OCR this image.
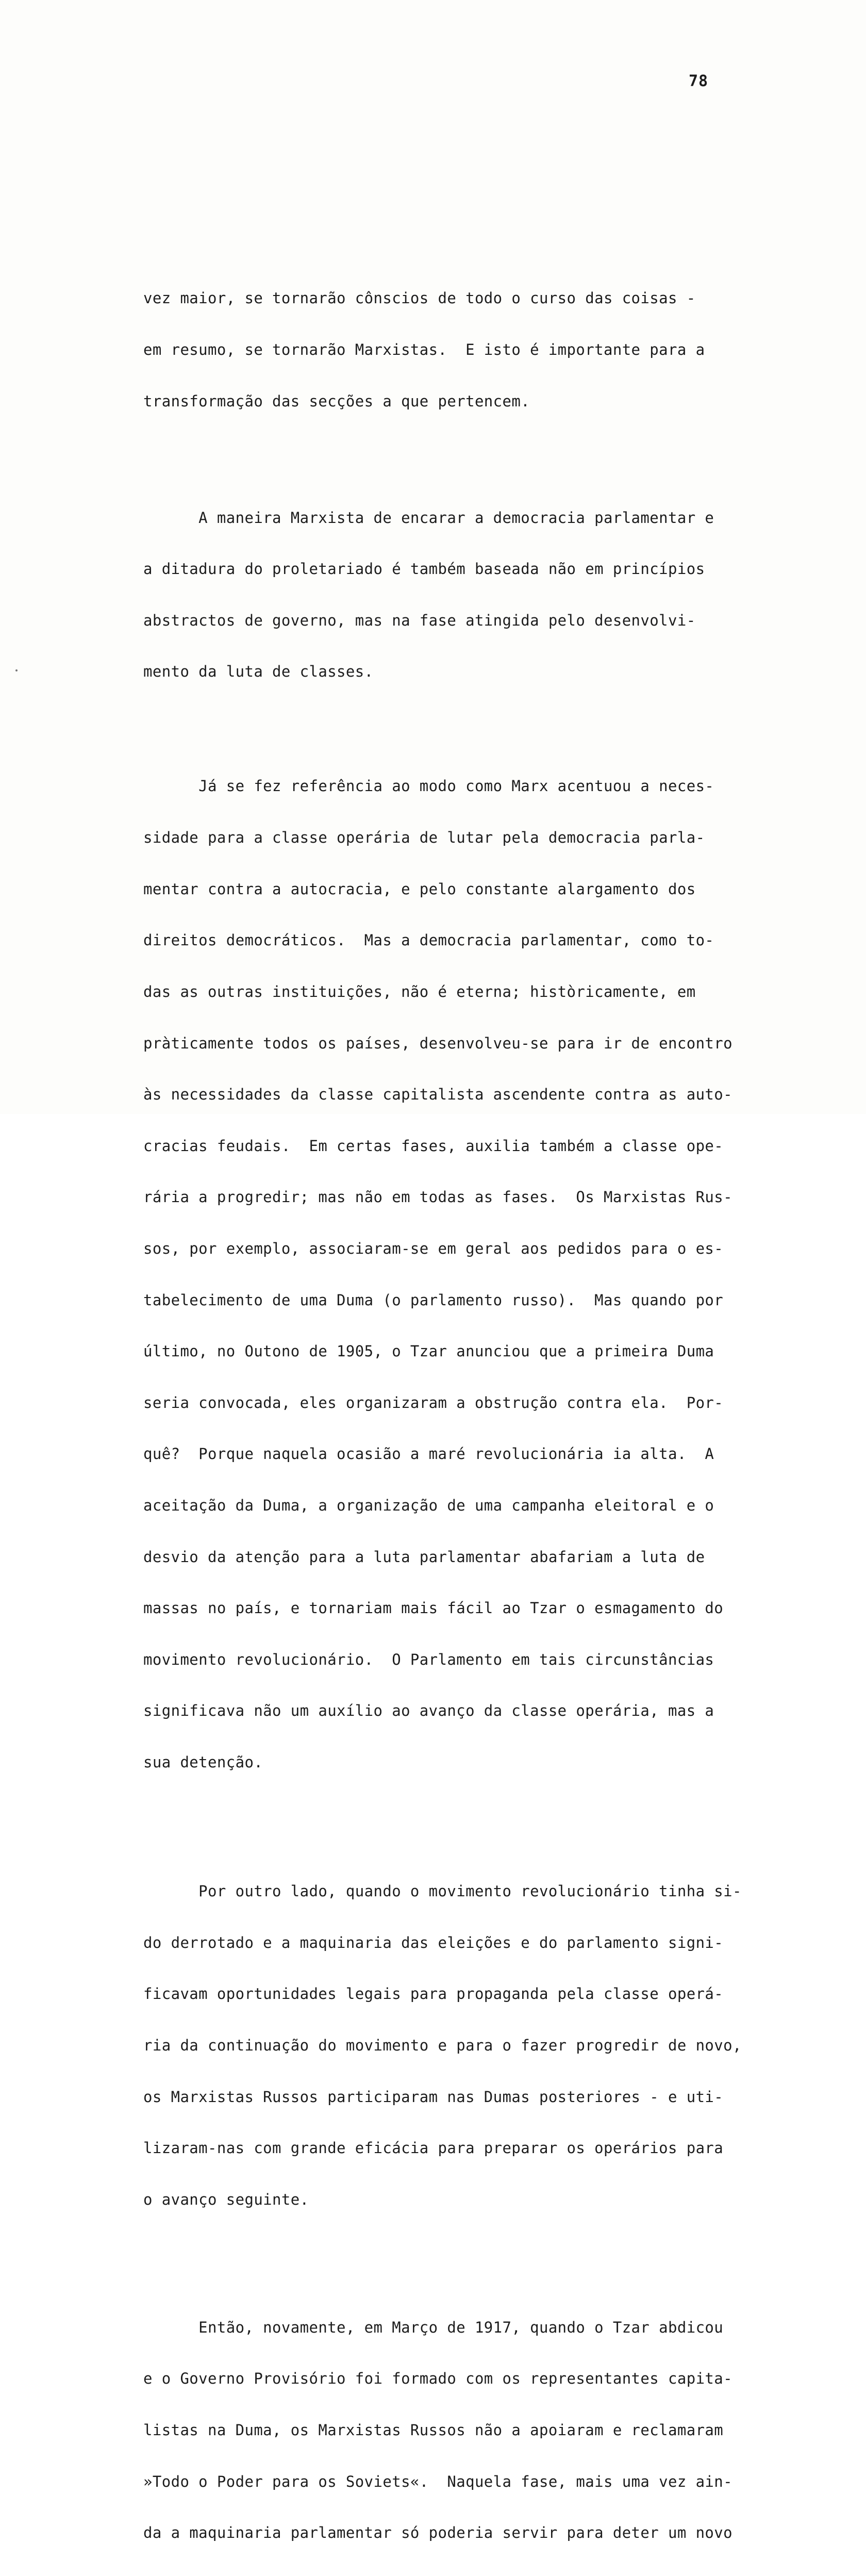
78

vez maior, se tornarão cônscios de todo o curso das coisas -

em resumo, se tornarão Marxistas.  E isto é importante para a

transformação das secções a que pertencem.

A maneira Marxista de encarar a democracia parlamentar e

a ditadura do proletariado é também baseada não em princípios

abstractos de governo, mas na fase atingida pelo desenvolvi-

mento da luta de classes.

Já se fez referência ao modo como Marx acentuou a neces-

sidade para a classe operária de lutar pela democracia parla-

mentar contra a autocracia, e pelo constante alargamento dos

direitos democráticos.  Mas a democracia parlamentar, como to-

das as outras instituições, não é eterna; històricamente, em

pràticamente todos os países, desenvolveu-se para ir de encontro

às necessidades da classe capitalista ascendente contra as auto-

cracias feudais.  Em certas fases, auxilia também a classe ope-

rária a progredir; mas não em todas as fases.  Os Marxistas Rus-

sos, por exemplo, associaram-se em geral aos pedidos para o es-

tabelecimento de uma Duma (o parlamento russo).  Mas quando por

último, no Outono de 1905, o Tzar anunciou que a primeira Duma

seria convocada, eles organizaram a obstrução contra ela.  Por-

quê?  Porque naquela ocasião a maré revolucionária ia alta.  A

aceitação da Duma, a organização de uma campanha eleitoral e o

desvio da atenção para a luta parlamentar abafariam a luta de

massas no país, e tornariam mais fácil ao Tzar o esmagamento do

movimento revolucionário.  O Parlamento em tais circunstâncias

significava não um auxílio ao avanço da classe operária, mas a

sua detenção.

Por outro lado, quando o movimento revolucionário tinha si-

do derrotado e a maquinaria das eleições e do parlamento signi-

ficavam oportunidades legais para propaganda pela classe operá-

ria da continuação do movimento e para o fazer progredir de novo,

os Marxistas Russos participaram nas Dumas posteriores - e uti-

lizaram-nas com grande eficácia para preparar os operários para

o avanço seguinte.

Então, novamente, em Março de 1917, quando o Tzar abdicou

e o Governo Provisório foi formado com os representantes capita-

listas na Duma, os Marxistas Russos não a apoiaram e reclamaram

»Todo o Poder para os Soviets«.  Naquela fase, mais uma vez ain-

da a maquinaria parlamentar só poderia servir para deter um novo
